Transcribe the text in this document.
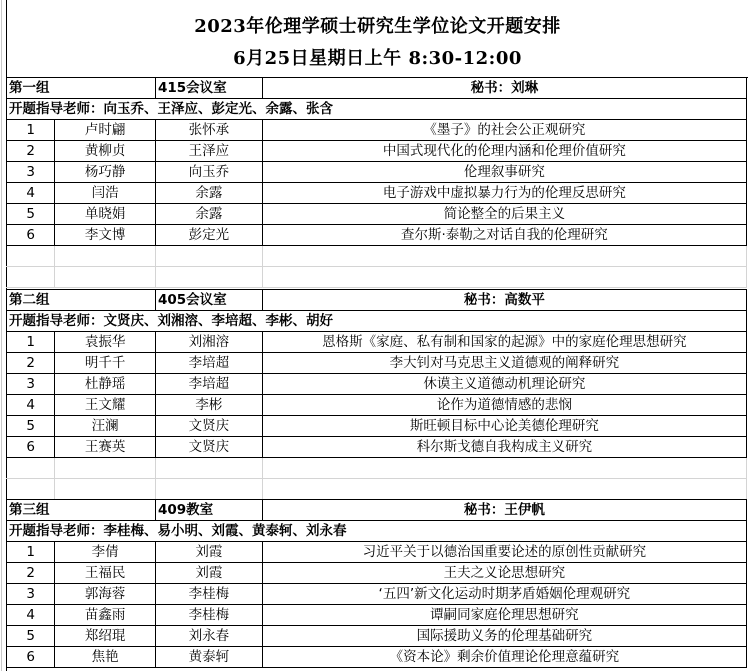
2023年伦理学硕士研究生学位论文开题安排
6月25日星期日上午 8:30-12:00
第一组		415会议室	秘书：刘琳
开题指导老师：向玉乔、王泽应、彭定光、余露、张含			
1	卢时翩	张怀承	《墨子》的社会公正观研究
2	黄柳贞	王泽应	中国式现代化的伦理内涵和伦理价值研究
3	杨巧静	向玉乔	伦理叙事研究
4	闫浩	余露	电子游戏中虚拟暴力行为的伦理反思研究
5	单晓娟	余露	简论整全的后果主义
6	李文博	彭定光	查尔斯·泰勒之对话自我的伦理研究

第二组		405会议室	秘书：高数平
开题指导老师：文贤庆、刘湘溶、李培超、李彬、胡好			
1	袁振华	刘湘溶	恩格斯《家庭、私有制和国家的起源》中的家庭伦理思想研究
2	明千千	李培超	李大钊对马克思主义道德观的阐释研究
3	杜静瑶	李培超	休谟主义道德动机理论研究
4	王文耀	李彬	论作为道德情感的悲悯
5	汪澜	文贤庆	斯旺顿目标中心论美德伦理研究
6	王赛英	文贤庆	科尔斯戈德自我构成主义研究

第三组		409教室	秘书：王伊帆
开题指导老师：李桂梅、易小明、刘霞、黄泰轲、刘永春			
1	李倩	刘霞	习近平关于以德治国重要论述的原创性贡献研究
2	王福民	刘霞	王夫之义论思想研究
3	郭海蓉	李桂梅	‘五四’新文化运动时期茅盾婚姻伦理观研究
4	苗鑫雨	李桂梅	谭嗣同家庭伦理思想研究
5	郑绍琨	刘永春	国际援助义务的伦理基础研究
6	焦艳	黄泰轲	《资本论》剩余价值理论伦理意蕴研究
